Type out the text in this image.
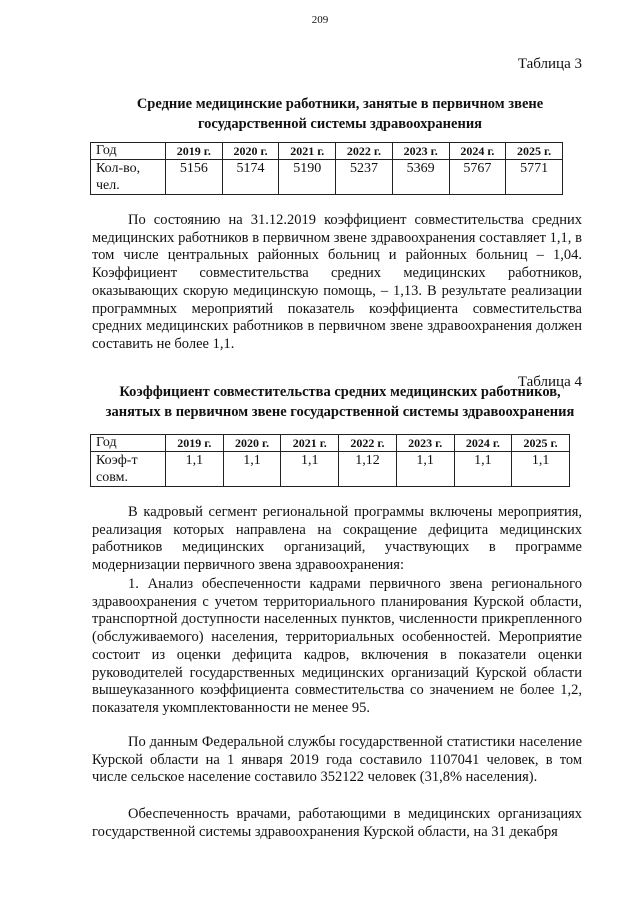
209
Таблица 3
Средние медицинские работники, занятые в первичном звене
государственной системы здравоохранения
Год	2019 г.	2020 г.	2021 г.	2022 г.	2023 г.	2024 г.	2025 г.

Кол-во,
чел.	5156	5174	5190	5237	5369	5767	5771
По состоянию на 31.12.2019 коэффициент совместительства средних медицинских работников в первичном звене здравоохранения составляет 1,1, в том числе центральных районных больниц и районных больниц – 1,04. Коэффициент совместительства средних медицинских работников, оказывающих скорую медицинскую помощь, – 1,13. В результате реализации программных мероприятий показатель коэффициента совместительства средних медицинских работников в первичном звене здравоохранения должен составить не более 1,1.
Таблица 4
Коэффициент совместительства средних медицинских работников,
занятых в первичном звене государственной системы здравоохранения
Год	2019 г.	2020 г.	2021 г.	2022 г.	2023 г.	2024 г.	2025 г.

Коэф-т
совм.	1,1	1,1	1,1	1,12	1,1	1,1	1,1
В кадровый сегмент региональной программы включены мероприятия, реализация которых направлена на сокращение дефицита медицинских работников медицинских организаций, участвующих в программе модернизации первичного звена здравоохранения:
1. Анализ обеспеченности кадрами первичного звена регионального здравоохранения с учетом территориального планирования Курской области, транспортной доступности населенных пунктов, численности прикрепленного (обслуживаемого) населения, территориальных особенностей. Мероприятие состоит из оценки дефицита кадров, включения в показатели оценки руководителей государственных медицинских организаций Курской области вышеуказанного коэффициента совместительства со значением не более 1,2, показателя укомплектованности не менее 95.
По данным Федеральной службы государственной статистики население Курской области на 1 января 2019 года составило 1107041 человек, в том числе сельское население составило 352122 человек (31,8% населения).
Обеспеченность врачами, работающими в медицинских организациях государственной системы здравоохранения Курской области, на 31 декабря
